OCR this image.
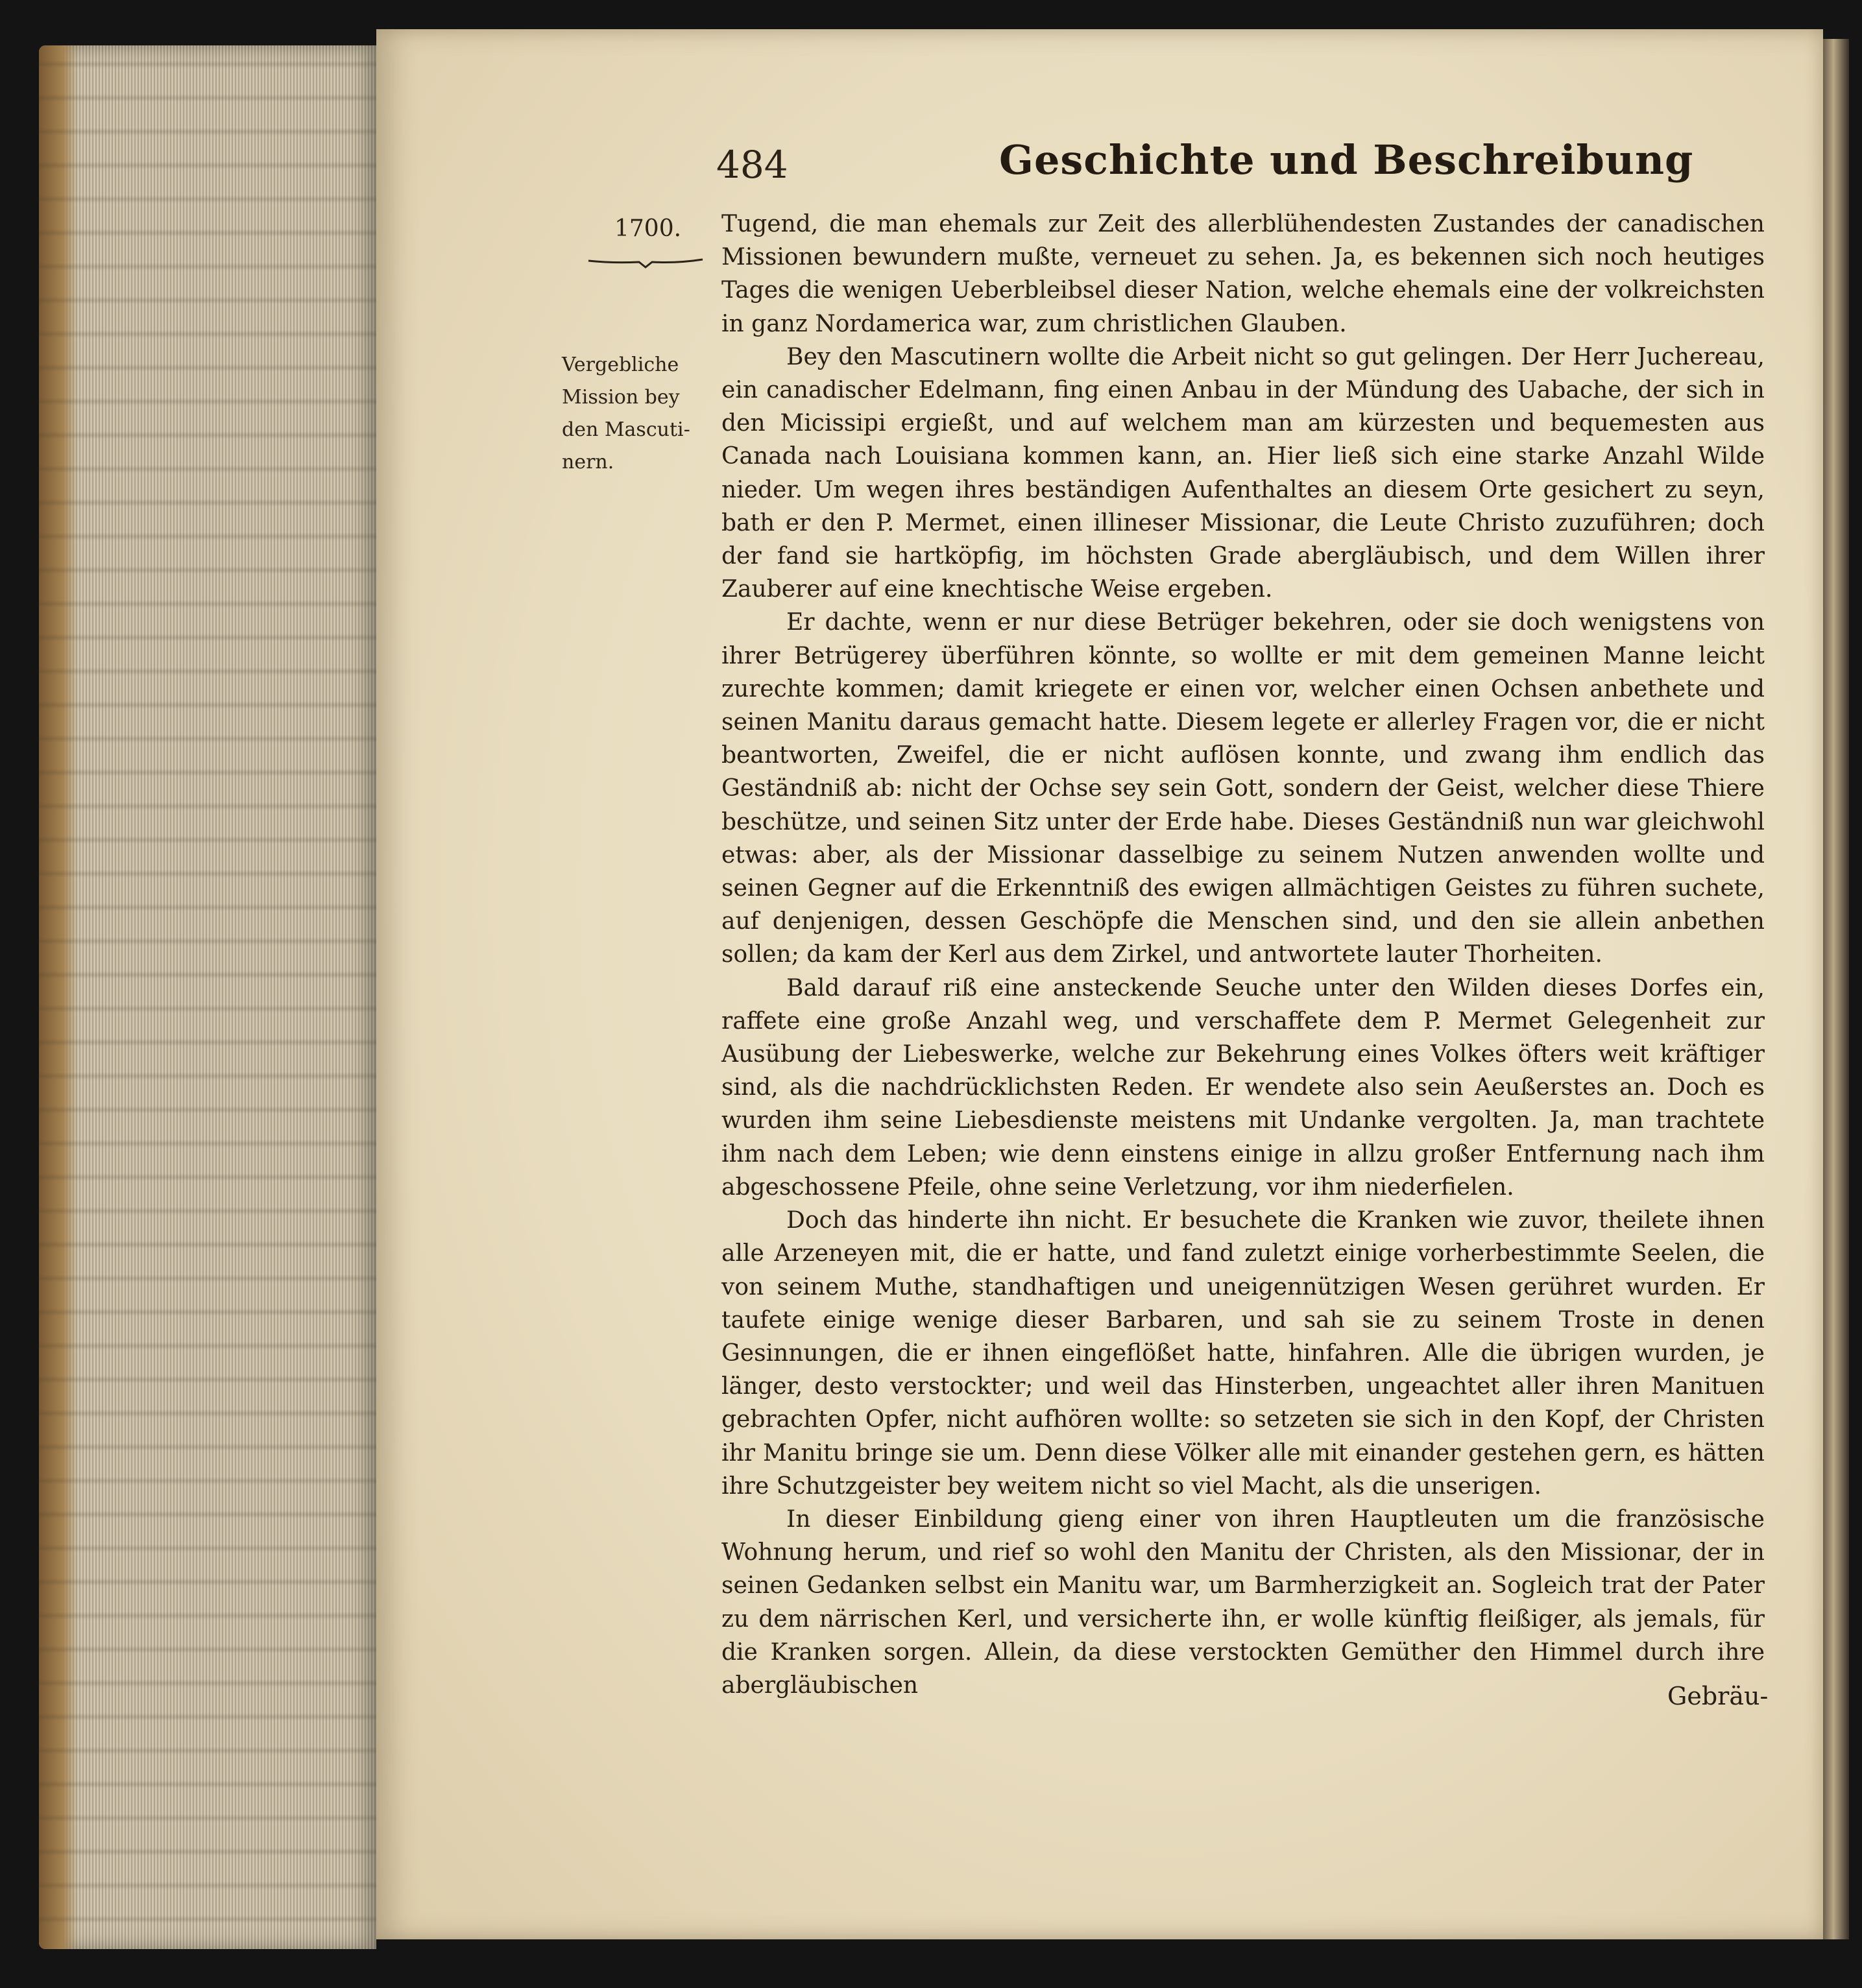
484	Geschichte und Beschreibung
1700.
Vergebliche
Mission bey
den Mascuti-
nern.

Tugend, die man ehemals zur Zeit des allerblühendesten Zustandes der canadischen Missionen bewundern mußte, verneuet zu sehen. Ja, es bekennen sich noch heutiges Tages die wenigen Ueberbleibsel dieser Nation, welche ehemals eine der volkreichsten in ganz Nordamerica war, zum christlichen Glauben.

Bey den Mascutinern wollte die Arbeit nicht so gut gelingen. Der Herr Juchereau, ein canadischer Edelmann, fing einen Anbau in der Mündung des Uabache, der sich in den Micissipi ergießt, und auf welchem man am kürzesten und bequemesten aus Canada nach Louisiana kommen kann, an. Hier ließ sich eine starke Anzahl Wilde nieder. Um wegen ihres beständigen Aufenthaltes an diesem Orte gesichert zu seyn, bath er den P. Mermet, einen illineser Missionar, die Leute Christo zuzuführen; doch der fand sie hartköpfig, im höchsten Grade abergläubisch, und dem Willen ihrer Zauberer auf eine knechtische Weise ergeben.

Er dachte, wenn er nur diese Betrüger bekehren, oder sie doch wenigstens von ihrer Betrügerey überführen könnte, so wollte er mit dem gemeinen Manne leicht zurechte kommen; damit kriegete er einen vor, welcher einen Ochsen anbethete und seinen Manitu daraus gemacht hatte. Diesem legete er allerley Fragen vor, die er nicht beantworten, Zweifel, die er nicht auflösen konnte, und zwang ihm endlich das Geständniß ab: nicht der Ochse sey sein Gott, sondern der Geist, welcher diese Thiere beschütze, und seinen Sitz unter der Erde habe. Dieses Geständniß nun war gleichwohl etwas: aber, als der Missionar dasselbige zu seinem Nutzen anwenden wollte und seinen Gegner auf die Erkenntniß des ewigen allmächtigen Geistes zu führen suchete, auf denjenigen, dessen Geschöpfe die Menschen sind, und den sie allein anbethen sollen; da kam der Kerl aus dem Zirkel, und antwortete lauter Thorheiten.

Bald darauf riß eine ansteckende Seuche unter den Wilden dieses Dorfes ein, raffete eine große Anzahl weg, und verschaffete dem P. Mermet Gelegenheit zur Ausübung der Liebeswerke, welche zur Bekehrung eines Volkes öfters weit kräftiger sind, als die nachdrücklichsten Reden. Er wendete also sein Aeußerstes an. Doch es wurden ihm seine Liebesdienste meistens mit Undanke vergolten. Ja, man trachtete ihm nach dem Leben; wie denn einstens einige in allzu großer Entfernung nach ihm abgeschossene Pfeile, ohne seine Verletzung, vor ihm niederfielen.

Doch das hinderte ihn nicht. Er besuchete die Kranken wie zuvor, theilete ihnen alle Arzeneyen mit, die er hatte, und fand zuletzt einige vorherbestimmte Seelen, die von seinem Muthe, standhaftigen und uneigennützigen Wesen gerühret wurden. Er taufete einige wenige dieser Barbaren, und sah sie zu seinem Troste in denen Gesinnungen, die er ihnen eingeflößet hatte, hinfahren. Alle die übrigen wurden, je länger, desto verstockter; und weil das Hinsterben, ungeachtet aller ihren Manituen gebrachten Opfer, nicht aufhören wollte: so setzeten sie sich in den Kopf, der Christen ihr Manitu bringe sie um. Denn diese Völker alle mit einander gestehen gern, es hätten ihre Schutzgeister bey weitem nicht so viel Macht, als die unserigen.

In dieser Einbildung gieng einer von ihren Hauptleuten um die französische Wohnung herum, und rief so wohl den Manitu der Christen, als den Missionar, der in seinen Gedanken selbst ein Manitu war, um Barmherzigkeit an. Sogleich trat der Pater zu dem närrischen Kerl, und versicherte ihn, er wolle künftig fleißiger, als jemals, für die Kranken sorgen. Allein, da diese verstockten Gemüther den Himmel durch ihre abergläubischen	Gebräu-
